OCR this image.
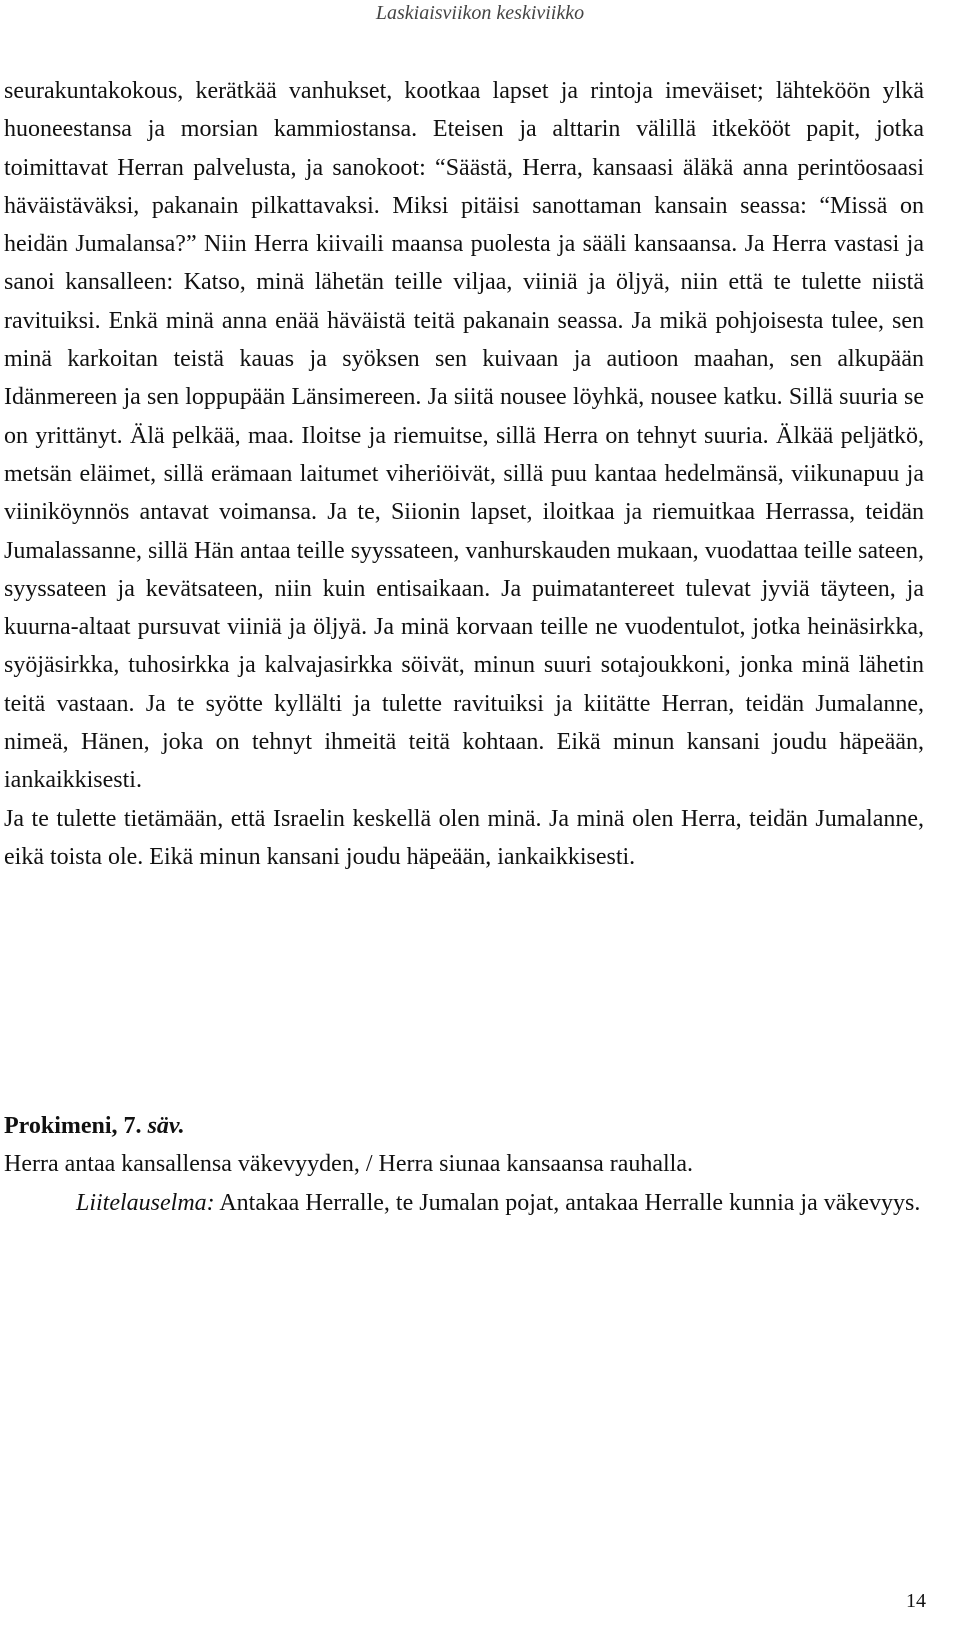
Laskiaisviikon keskiviikko

seurakuntakokous, kerätkää vanhukset, kootkaa lapset ja rintoja imeväiset; lähteköön ylkä huoneestansa ja morsian kammiostansa. Eteisen ja alttarin välillä itkekööt papit, jotka toimittavat Herran palvelusta, ja sanokoot: “Säästä, Herra, kansaasi äläkä anna perintöosaasi häväistäväksi, pakanain pilkattavaksi. Miksi pitäisi sanottaman kansain seassa: “Missä on heidän Jumalansa?” Niin Herra kiivaili maansa puolesta ja sääli kansaansa. Ja Herra vastasi ja sanoi kansalleen: Katso, minä lähetän teille viljaa, viiniä ja öljyä, niin että te tulette niistä ravituiksi. Enkä minä anna enää häväistä teitä pakanain seassa. Ja mikä pohjoisesta tulee, sen minä karkoitan teistä kauas ja syöksen sen kuivaan ja autioon maahan, sen alkupään Idänmereen ja sen loppupään Länsimereen. Ja siitä nousee löyhkä, nousee katku. Sillä suuria se on yrittänyt. Älä pelkää, maa. Iloitse ja riemuitse, sillä Herra on tehnyt suuria. Älkää peljätkö, metsän eläimet, sillä erämaan laitumet viheriöivät, sillä puu kantaa hedelmänsä, viikunapuu ja viiniköynnös antavat voimansa. Ja te, Siionin lapset, iloitkaa ja riemuitkaa Herrassa, teidän Jumalassanne, sillä Hän antaa teille syyssateen, vanhurskauden mukaan, vuodattaa teille sateen, syyssateen ja kevätsateen, niin kuin entisaikaan. Ja puimatantereet tulevat jyviä täyteen, ja kuurna-altaat pursuvat viiniä ja öljyä. Ja minä korvaan teille ne vuodentulot, jotka heinäsirkka, syöjäsirkka, tuhosirkka ja kalvajasirkka söivät, minun suuri sotajoukkoni, jonka minä lähetin teitä vastaan. Ja te syötte kyllälti ja tulette ravituiksi ja kiitätte Herran, teidän Jumalanne, nimeä, Hänen, joka on tehnyt ihmeitä teitä kohtaan. Eikä minun kansani joudu häpeään, iankaikkisesti.

Ja te tulette tietämään, että Israelin keskellä olen minä. Ja minä olen Herra, teidän Jumalanne, eikä toista ole. Eikä minun kansani joudu häpeään, iankaikkisesti.

Prokimeni, 7. säv.

Herra antaa kansallensa väkevyyden, / Herra siunaa kansaansa rauhalla.

Liitelauselma: Antakaa Herralle, te Jumalan pojat, antakaa Herralle kunnia ja väkevyys.

14
